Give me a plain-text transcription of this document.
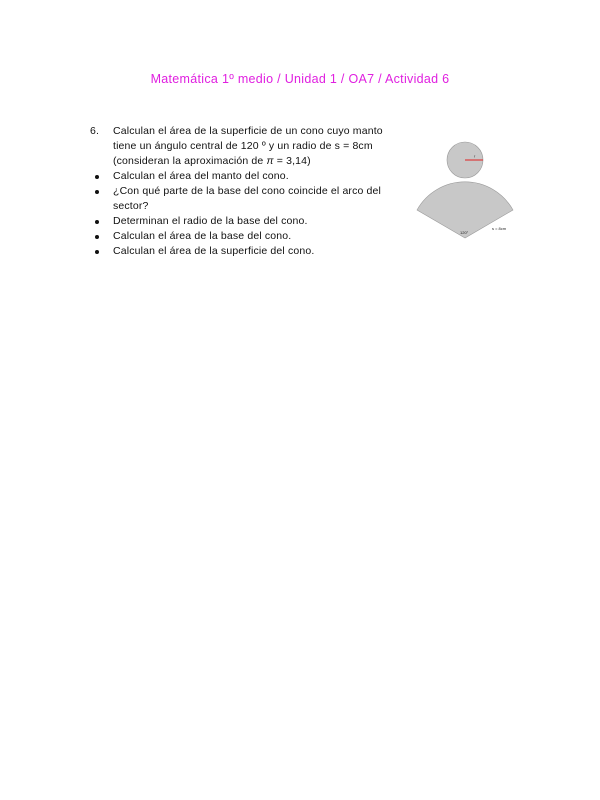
Matemática 1º medio / Unidad 1 / OA7 / Actividad 6
6.	Calculan el área de la superficie de un cono cuyo manto
tiene un ángulo central de 120 º y un radio de s = 8cm
(consideran la aproximación de π = 3,14)
Calculan el área del manto del cono.
¿Con qué parte de la base del cono coincide el arco del sector?
Determinan el radio de la base del cono.
Calculan el área de la base del cono.
Calculan el área de la superficie del cono.
r
120°
s = 8cm
